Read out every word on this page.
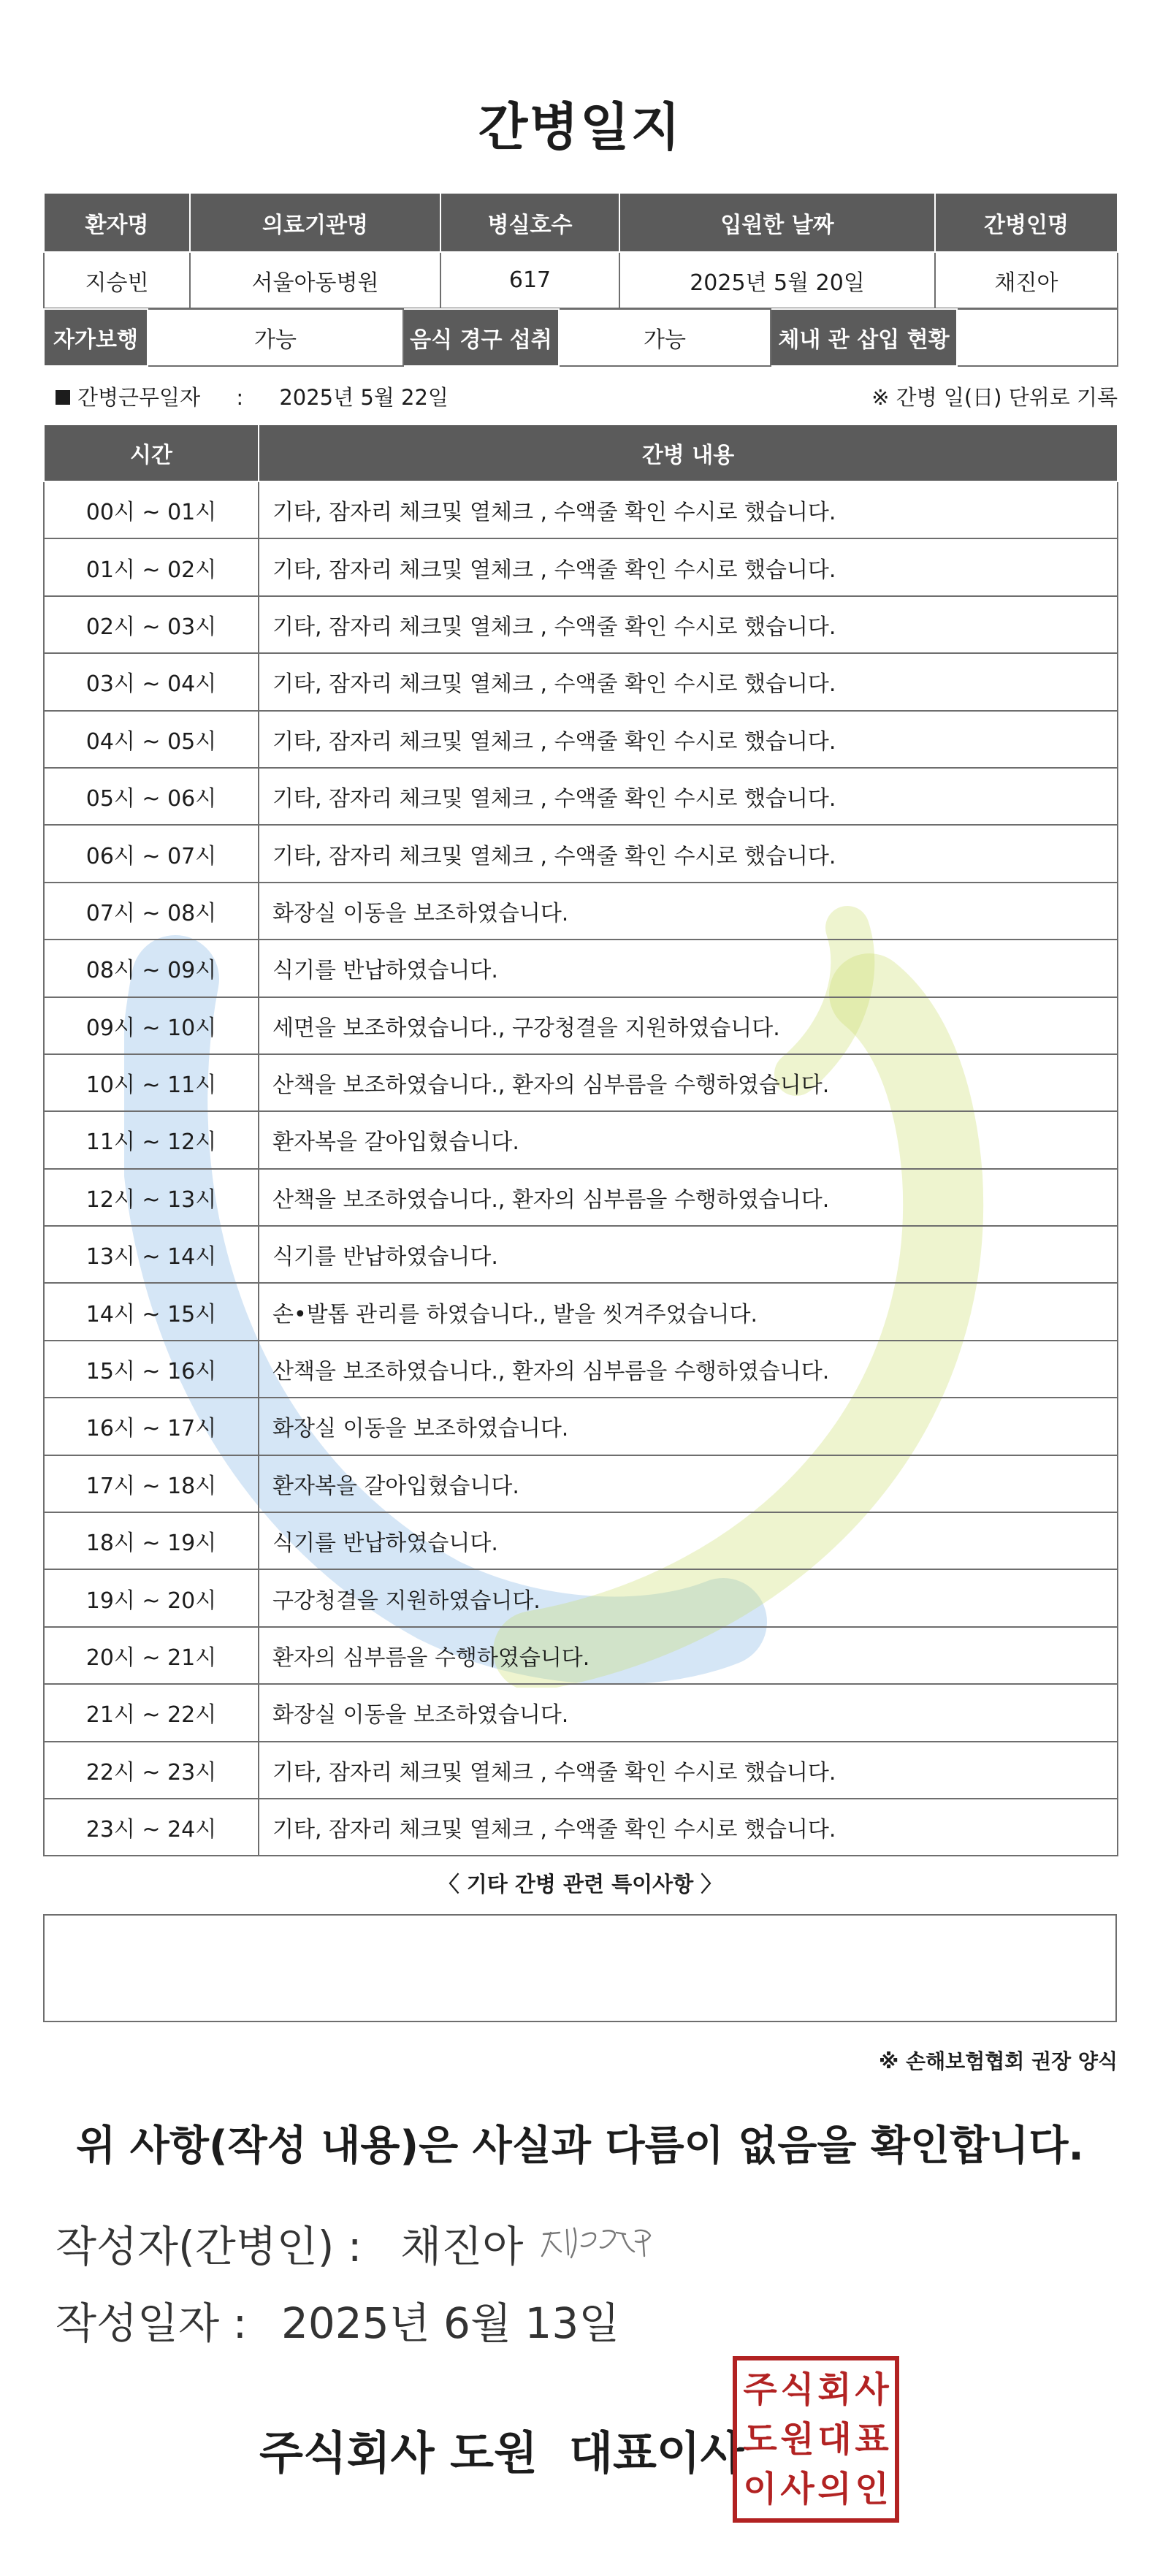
간병일지
환자명	의료기관명	병실호수	입원한 날짜	간병인명
지승빈	서울아동병원	617	2025년 5월 20일	채진아
자가보행	가능	음식 경구 섭취	가능	체내 관 삽입 현황	
간병근무일자 : 2025년 5월 22일	※ 간병 일(日) 단위로 기록
시간	간병 내용
00시 ~ 01시	기타, 잠자리 체크및 열체크 , 수액줄 확인 수시로 했습니다.
01시 ~ 02시	기타, 잠자리 체크및 열체크 , 수액줄 확인 수시로 했습니다.
02시 ~ 03시	기타, 잠자리 체크및 열체크 , 수액줄 확인 수시로 했습니다.
03시 ~ 04시	기타, 잠자리 체크및 열체크 , 수액줄 확인 수시로 했습니다.
04시 ~ 05시	기타, 잠자리 체크및 열체크 , 수액줄 확인 수시로 했습니다.
05시 ~ 06시	기타, 잠자리 체크및 열체크 , 수액줄 확인 수시로 했습니다.
06시 ~ 07시	기타, 잠자리 체크및 열체크 , 수액줄 확인 수시로 했습니다.
07시 ~ 08시	화장실 이동을 보조하였습니다.
08시 ~ 09시	식기를 반납하였습니다.
09시 ~ 10시	세면을 보조하였습니다., 구강청결을 지원하였습니다.
10시 ~ 11시	산책을 보조하였습니다., 환자의 심부름을 수행하였습니다.
11시 ~ 12시	환자복을 갈아입혔습니다.
12시 ~ 13시	산책을 보조하였습니다., 환자의 심부름을 수행하였습니다.
13시 ~ 14시	식기를 반납하였습니다.
14시 ~ 15시	손•발톱 관리를 하였습니다., 발을 씻겨주었습니다.
15시 ~ 16시	산책을 보조하였습니다., 환자의 심부름을 수행하였습니다.
16시 ~ 17시	화장실 이동을 보조하였습니다.
17시 ~ 18시	환자복을 갈아입혔습니다.
18시 ~ 19시	식기를 반납하였습니다.
19시 ~ 20시	구강청결을 지원하였습니다.
20시 ~ 21시	환자의 심부름을 수행하였습니다.
21시 ~ 22시	화장실 이동을 보조하였습니다.
22시 ~ 23시	기타, 잠자리 체크및 열체크 , 수액줄 확인 수시로 했습니다.
23시 ~ 24시	기타, 잠자리 체크및 열체크 , 수액줄 확인 수시로 했습니다.
〈 기타 간병 관련 특이사항 〉
※ 손해보험협회 권장 양식
위 사항(작성 내용)은 사실과 다름이 없음을 확인합니다.
작성자(간병인) : 채진아
작성일자 : 2025년 6월 13일
주식회사 도원  대표이사
주 식 회 사
도 원 대 표
이 사 의 인
